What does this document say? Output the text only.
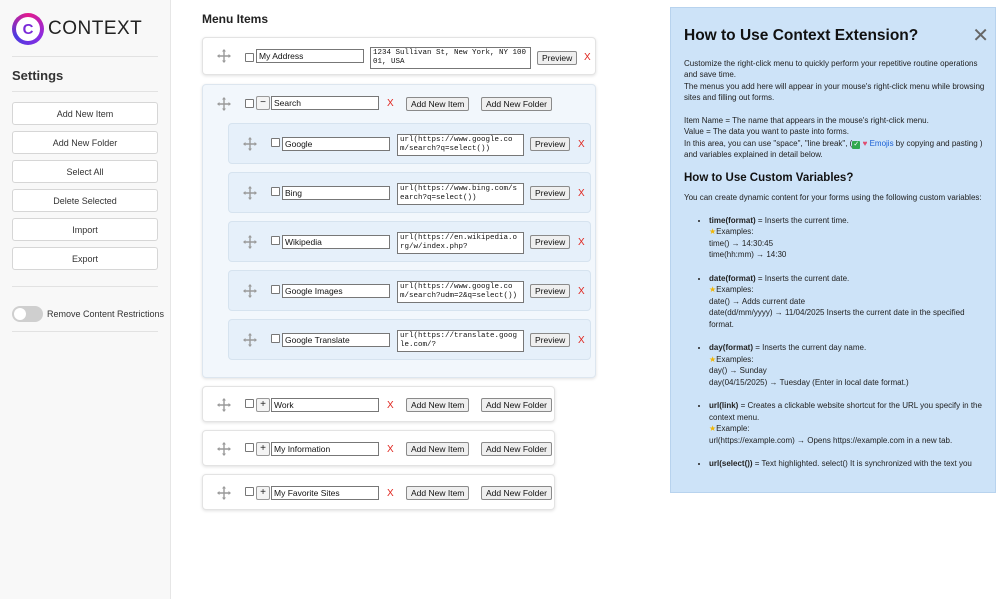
C CONTEXT
Settings
Add New Item
Add New Folder
Select All
Delete Selected
Import
Export
Remove Content Restrictions
Menu Items
My Address	1234 Sullivan St, New York, NY 10001, USA	Preview	X
− Search	X	Add New Item	Add New Folder
Google	url(https://www.google.com/search?q=select())	Preview	X
Bing	url(https://www.bing.com/search?q=select())	Preview	X
Wikipedia	url(https://en.wikipedia.org/w/index.php?	Preview	X
Google Images	url(https://www.google.com/search?udm=2&q=select())	Preview	X
Google Translate	url(https://translate.google.com/?	Preview	X
+ Work	X	Add New Item	Add New Folder
+ My Information	X	Add New Item	Add New Folder
+ My Favorite Sites	X	Add New Item	Add New Folder
✕
How to Use Context Extension?

Customize the right-click menu to quickly perform your repetitive routine operations and save time.
The menus you add here will appear in your mouse's right-click menu while browsing sites and filling out forms.

Item Name = The name that appears in the mouse's right-click menu.
Value = The data you want to paste into forms.
In this area, you can use "space", "line break", (✓ ♥ Emojis by copying and pasting ) and variables explained in detail below.

How to Use Custom Variables?

You can create dynamic content for your forms using the following custom variables:

• time(format) = Inserts the current time.
★Examples:
time() → 14:30:45
time(hh:mm) → 14:30
• date(format) = Inserts the current date.
★Examples:
date() → Adds current date
date(dd/mm/yyyy) → 11/04/2025 Inserts the current date in the specified format.
• day(format) = Inserts the current day name.
★Examples:
day() → Sunday
day(04/15/2025) → Tuesday (Enter in local date format.)
• url(link) = Creates a clickable website shortcut for the URL you specify in the context menu.
★Example:
url(https://example.com) → Opens https://example.com in a new tab.
• url(select()) = Text highlighted. select() It is synchronized with the text you
